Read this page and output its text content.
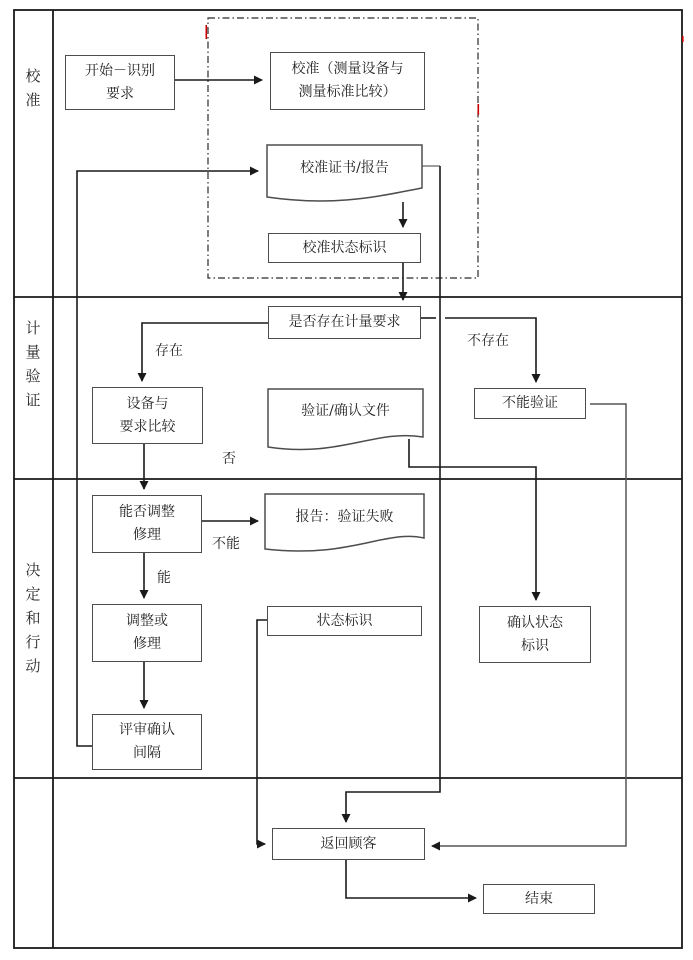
校准
计量验证
决定和行动
开始－识别
要求
校准（测量设备与
测量标准比较）
校准证书/报告
校准状态标识
是否存在计量要求
设备与
要求比较
验证/确认文件	不能验证
能否调整
修理
报告：验证失败
调整或
修理
状态标识	确认状态
标识
评审确认
间隔
返回顾客
结束
存在
不存在
否
不能
能
